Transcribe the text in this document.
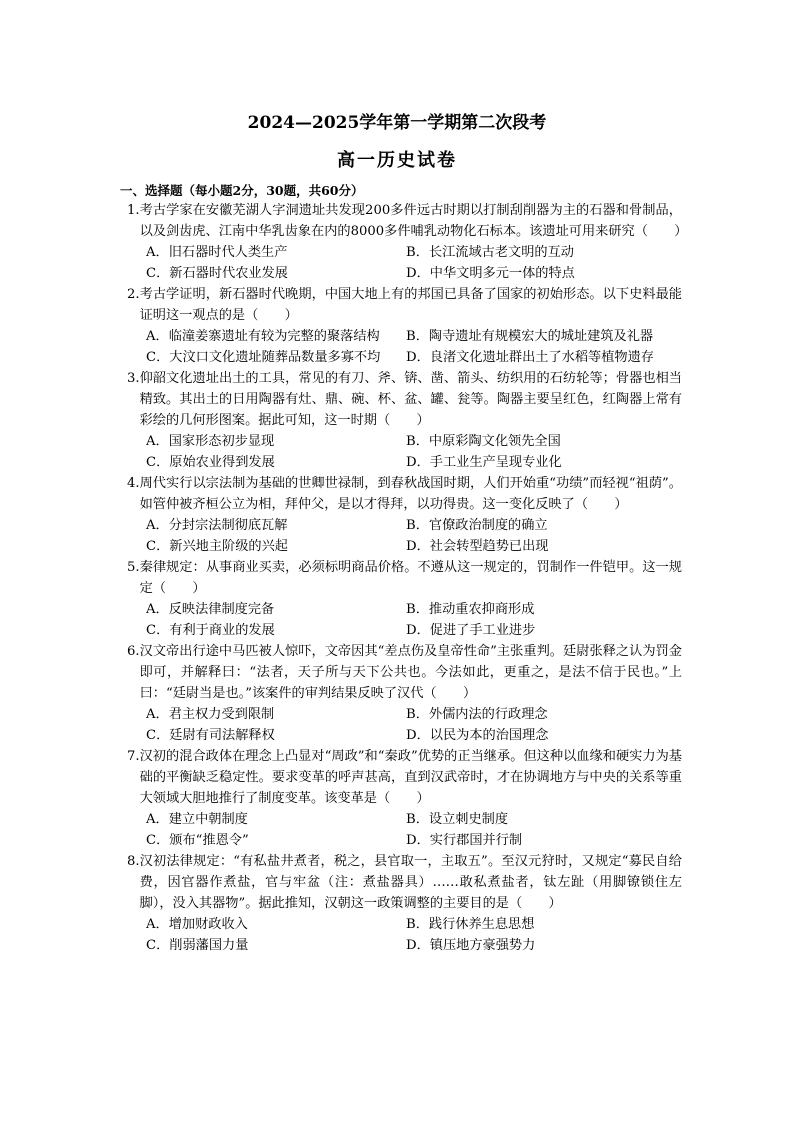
2024—2025学年第一学期第二次段考
高一历史试卷
一、选择题（每小题2分，30题，共60分）
1. 考古学家在安徽芜湖人字洞遗址共发现200多件远古时期以打制刮削器为主的石器和骨制品，以及剑齿虎、江南中华乳齿象在内的8000多件哺乳动物化石标本。该遗址可用来研究（　　）
A．旧石器时代人类生产	B．长江流域古老文明的互动
C．新石器时代农业发展	D．中华文明多元一体的特点
2. 考古学证明，新石器时代晚期，中国大地上有的邦国已具备了国家的初始形态。以下史料最能证明这一观点的是（　　）
A．临潼姜寨遗址有较为完整的聚落结构	B．陶寺遗址有规模宏大的城址建筑及礼器
C．大汶口文化遗址随葬品数量多寡不均	D．良渚文化遗址群出土了水稻等植物遗存
3. 仰韶文化遗址出土的工具，常见的有刀、斧、锛、凿、箭头、纺织用的石纺轮等；骨器也相当精致。其出土的日用陶器有灶、鼎、碗、杯、盆、罐、瓮等。陶器主要呈红色，红陶器上常有彩绘的几何形图案。据此可知，这一时期（　　）
A．国家形态初步显现	B．中原彩陶文化领先全国
C．原始农业得到发展	D．手工业生产呈现专业化
4. 周代实行以宗法制为基础的世卿世禄制，到春秋战国时期，人们开始重“功绩”而轻视“祖荫”。如管仲被齐桓公立为相，拜仲父，是以才得拜，以功得贵。这一变化反映了（　　）
A．分封宗法制彻底瓦解	B．官僚政治制度的确立
C．新兴地主阶级的兴起	D．社会转型趋势已出现
5. 秦律规定：从事商业买卖，必须标明商品价格。不遵从这一规定的，罚制作一件铠甲。这一规定（　　）
A．反映法律制度完备	B．推动重农抑商形成
C．有利于商业的发展	D．促进了手工业进步
6. 汉文帝出行途中马匹被人惊吓，文帝因其“差点伤及皇帝性命”主张重判。廷尉张释之认为罚金即可，并解释曰：“法者，天子所与天下公共也。今法如此，更重之，是法不信于民也。”上曰：“廷尉当是也。”该案件的审判结果反映了汉代（　　）
A．君主权力受到限制	B．外儒内法的行政理念
C．廷尉有司法解释权	D．以民为本的治国理念
7. 汉初的混合政体在理念上凸显对“周政”和“秦政”优势的正当继承。但这种以血缘和硬实力为基础的平衡缺乏稳定性。要求变革的呼声甚高，直到汉武帝时，才在协调地方与中央的关系等重大领域大胆地推行了制度变革。该变革是（　　）
A．建立中朝制度	B．设立刺史制度
C．颁布“推恩令”	D．实行郡国并行制
8. 汉初法律规定：“有私盐井煮者，税之，县官取一，主取五”。至汉元狩时，又规定“募民自给费，因官器作煮盐，官与牢盆（注：煮盐器具）……敢私煮盐者，钛左趾（用脚镣锁住左脚），没入其器物”。据此推知，汉朝这一政策调整的主要目的是（　　）
A．增加财政收入	B．践行休养生息思想
C．削弱藩国力量	D．镇压地方豪强势力
